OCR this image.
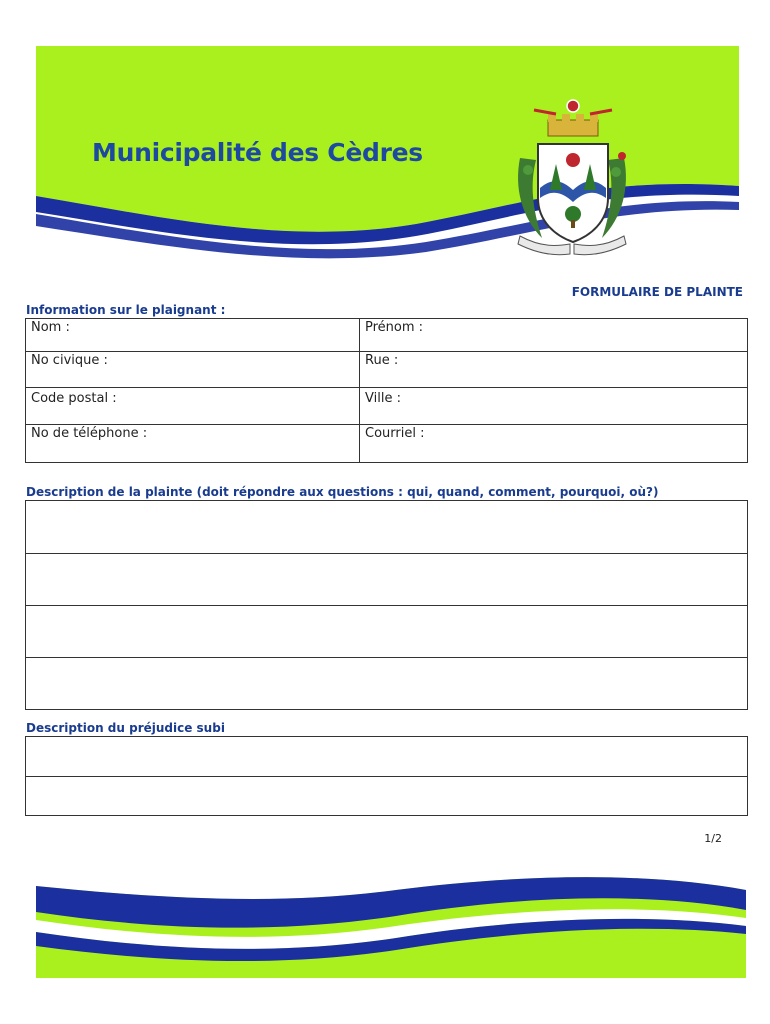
Municipalité des Cèdres
FORMULAIRE DE PLAINTE
Information sur le plaignant :
Nom :	Prénom :
No civique :	Rue :
Code postal :	Ville :
No de téléphone :	Courriel :
Description de la plainte (doit répondre aux questions : qui, quand, comment, pourquoi, où?)

Description du préjudice subi

1/2
